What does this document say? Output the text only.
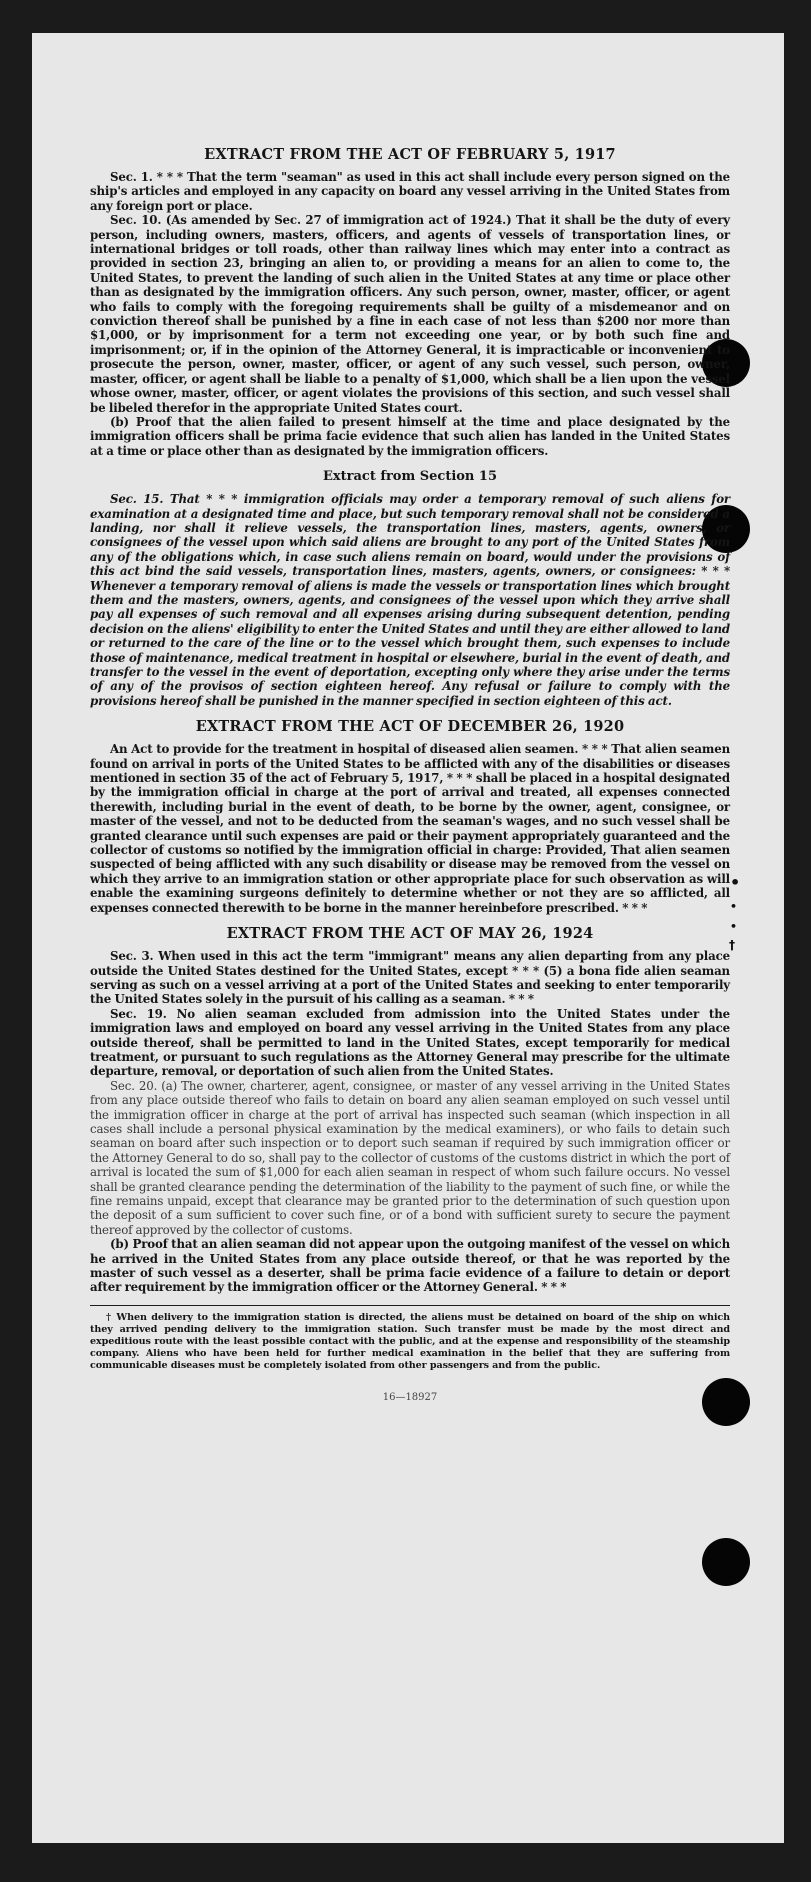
•
•
•
†
EXTRACT FROM THE ACT OF FEBRUARY 5, 1917

Sec. 1. * * * That the term "seaman" as used in this act shall include every person signed on the ship's articles and employed in any capacity on board any vessel arriving in the United States from any foreign port or place.

Sec. 10. (As amended by Sec. 27 of immigration act of 1924.) That it shall be the duty of every person, including owners, masters, officers, and agents of vessels of transportation lines, or international bridges or toll roads, other than railway lines which may enter into a contract as provided in section 23, bringing an alien to, or providing a means for an alien to come to, the United States, to prevent the landing of such alien in the United States at any time or place other than as designated by the immigration officers. Any such person, owner, master, officer, or agent who fails to comply with the foregoing requirements shall be guilty of a misdemeanor and on conviction thereof shall be punished by a fine in each case of not less than $200 nor more than $1,000, or by imprisonment for a term not exceeding one year, or by both such fine and imprisonment; or, if in the opinion of the Attorney General, it is impracticable or inconvenient to prosecute the person, owner, master, officer, or agent of any such vessel, such person, owner, master, officer, or agent shall be liable to a penalty of $1,000, which shall be a lien upon the vessel whose owner, master, officer, or agent violates the provisions of this section, and such vessel shall be libeled therefor in the appropriate United States court.

(b) Proof that the alien failed to present himself at the time and place designated by the immigration officers shall be prima facie evidence that such alien has landed in the United States at a time or place other than as designated by the immigration officers.

Extract from Section 15

Sec. 15. That * * * immigration officials may order a temporary removal of such aliens for examination at a designated time and place, but such temporary removal shall not be considered a landing, nor shall it relieve vessels, the transportation lines, masters, agents, owners, or consignees of the vessel upon which said aliens are brought to any port of the United States from any of the obligations which, in case such aliens remain on board, would under the provisions of this act bind the said vessels, transportation lines, masters, agents, owners, or consignees: * * * Whenever a temporary removal of aliens is made the vessels or transportation lines which brought them and the masters, owners, agents, and consignees of the vessel upon which they arrive shall pay all expenses of such removal and all expenses arising during subsequent detention, pending decision on the aliens' eligibility to enter the United States and until they are either allowed to land or returned to the care of the line or to the vessel which brought them, such expenses to include those of maintenance, medical treatment in hospital or elsewhere, burial in the event of death, and transfer to the vessel in the event of deportation, excepting only where they arise under the terms of any of the provisos of section eighteen hereof. Any refusal or failure to comply with the provisions hereof shall be punished in the manner specified in section eighteen of this act.

EXTRACT FROM THE ACT OF DECEMBER 26, 1920

An Act to provide for the treatment in hospital of diseased alien seamen. * * * That alien seamen found on arrival in ports of the United States to be afflicted with any of the disabilities or diseases mentioned in section 35 of the act of February 5, 1917, * * * shall be placed in a hospital designated by the immigration official in charge at the port of arrival and treated, all expenses connected therewith, including burial in the event of death, to be borne by the owner, agent, consignee, or master of the vessel, and not to be deducted from the seaman's wages, and no such vessel shall be granted clearance until such expenses are paid or their payment appropriately guaranteed and the collector of customs so notified by the immigration official in charge: Provided, That alien seamen suspected of being afflicted with any such disability or disease may be removed from the vessel on which they arrive to an immigration station or other appropriate place for such observation as will enable the examining surgeons definitely to determine whether or not they are so afflicted, all expenses connected therewith to be borne in the manner hereinbefore prescribed. * * *

EXTRACT FROM THE ACT OF MAY 26, 1924

Sec. 3. When used in this act the term "immigrant" means any alien departing from any place outside the United States destined for the United States, except * * * (5) a bona fide alien seaman serving as such on a vessel arriving at a port of the United States and seeking to enter temporarily the United States solely in the pursuit of his calling as a seaman. * * *

Sec. 19. No alien seaman excluded from admission into the United States under the immigration laws and employed on board any vessel arriving in the United States from any place outside thereof, shall be permitted to land in the United States, except temporarily for medical treatment, or pursuant to such regulations as the Attorney General may prescribe for the ultimate departure, removal, or deportation of such alien from the United States.

Sec. 20. (a) The owner, charterer, agent, consignee, or master of any vessel arriving in the United States from any place outside thereof who fails to detain on board any alien seaman employed on such vessel until the immigration officer in charge at the port of arrival has inspected such seaman (which inspection in all cases shall include a personal physical examination by the medical examiners), or who fails to detain such seaman on board after such inspection or to deport such seaman if required by such immigration officer or the Attorney General to do so, shall pay to the collector of customs of the customs district in which the port of arrival is located the sum of $1,000 for each alien seaman in respect of whom such failure occurs. No vessel shall be granted clearance pending the determination of the liability to the payment of such fine, or while the fine remains unpaid, except that clearance may be granted prior to the determination of such question upon the deposit of a sum sufficient to cover such fine, or of a bond with sufficient surety to secure the payment thereof approved by the collector of customs.

(b) Proof that an alien seaman did not appear upon the outgoing manifest of the vessel on which he arrived in the United States from any place outside thereof, or that he was reported by the master of such vessel as a deserter, shall be prima facie evidence of a failure to detain or deport after requirement by the immigration officer or the Attorney General. * * *

† When delivery to the immigration station is directed, the aliens must be detained on board of the ship on which they arrived pending delivery to the immigration station. Such transfer must be made by the most direct and expeditious route with the least possible contact with the public, and at the expense and responsibility of the steamship company. Aliens who have been held for further medical examination in the belief that they are suffering from communicable diseases must be completely isolated from other passengers and from the public.

16—18927
